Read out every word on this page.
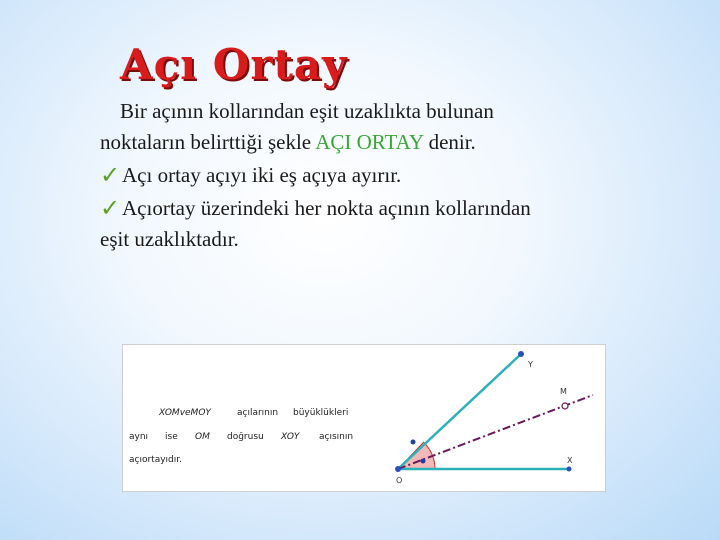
Açı Ortay

Bir açının kollarından eşit uzaklıkta bulunan
noktaların belirttiği şekle AÇI ORTAY denir.

✓ Açı ortay açıyı iki eş açıya ayırır.
✓ Açıortay üzerindeki her nokta açının kollarından

eşit uzaklıktadır.

XOMveMOY	açılarının büyüklükleri
aynı ise OM doğrusu XOY açısının
açıortayıdır.
Y
M
X
O
